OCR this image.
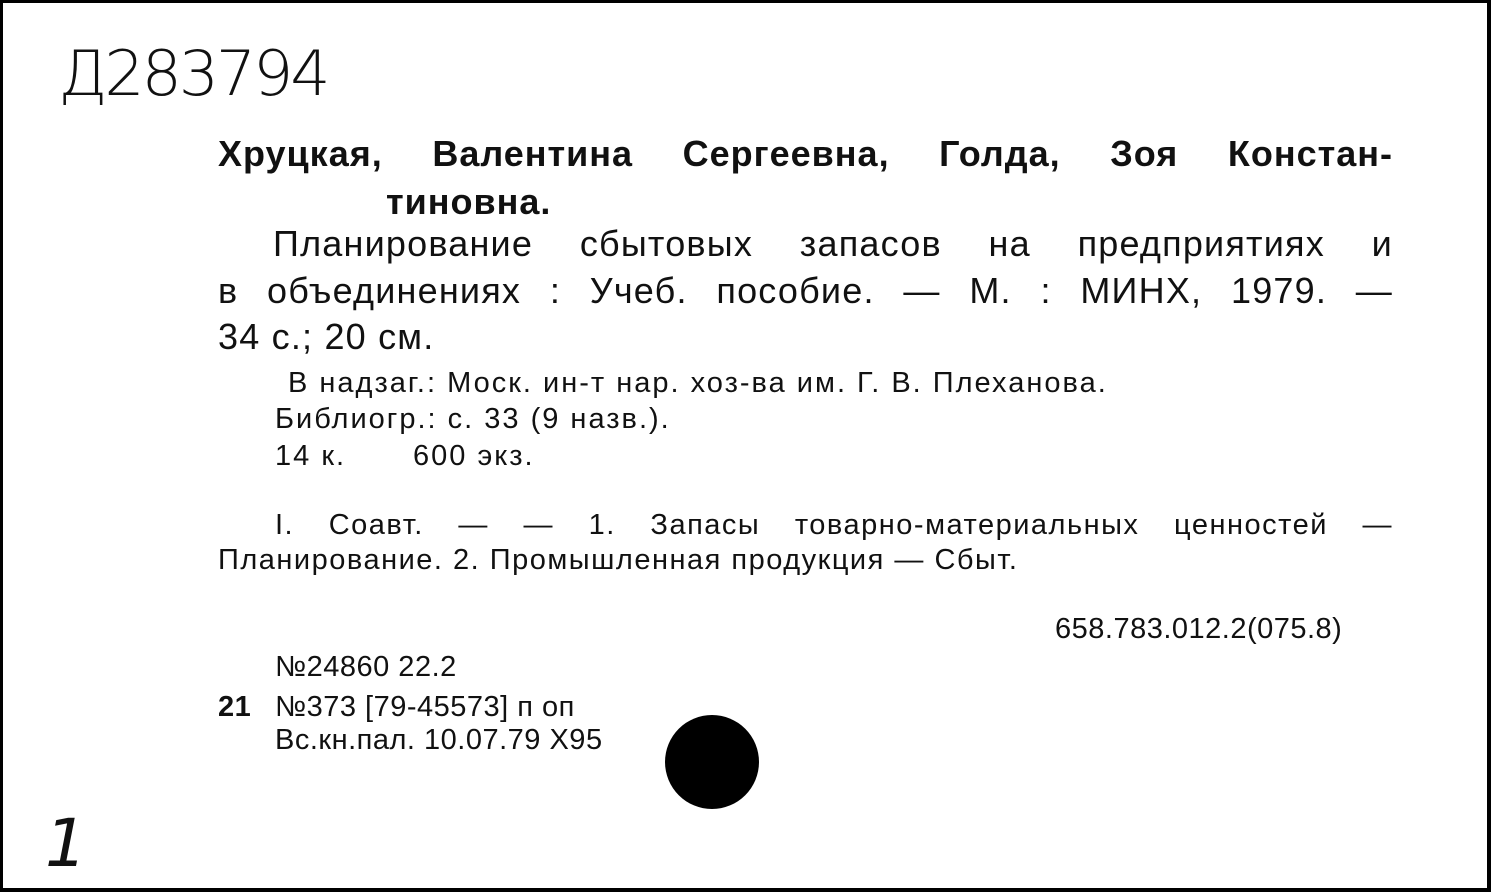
Д283794
Хруцкая, Валентина Сергеевна, Голда, Зоя Констан-
тиновна.
Планирование сбытовых запасов на предприятиях и
в объединениях : Учеб. пособие. — М. : МИНХ, 1979. —
34 с.; 20 см.
В надзаг.: Моск. ин-т нар. хоз-ва им. Г. В. Плеханова.
Библиогр.: с. 33 (9 назв.).
14 к. 600 экз.
I. Соавт. — — 1. Запасы товарно-материальных ценностей —
Планирование. 2. Промышленная продукция — Сбыт.
658.783.012.2(075.8)
№24860 22.2
21 №373 [79-45573] п оп
Вс.кн.пал. 10.07.79 Х95
1
